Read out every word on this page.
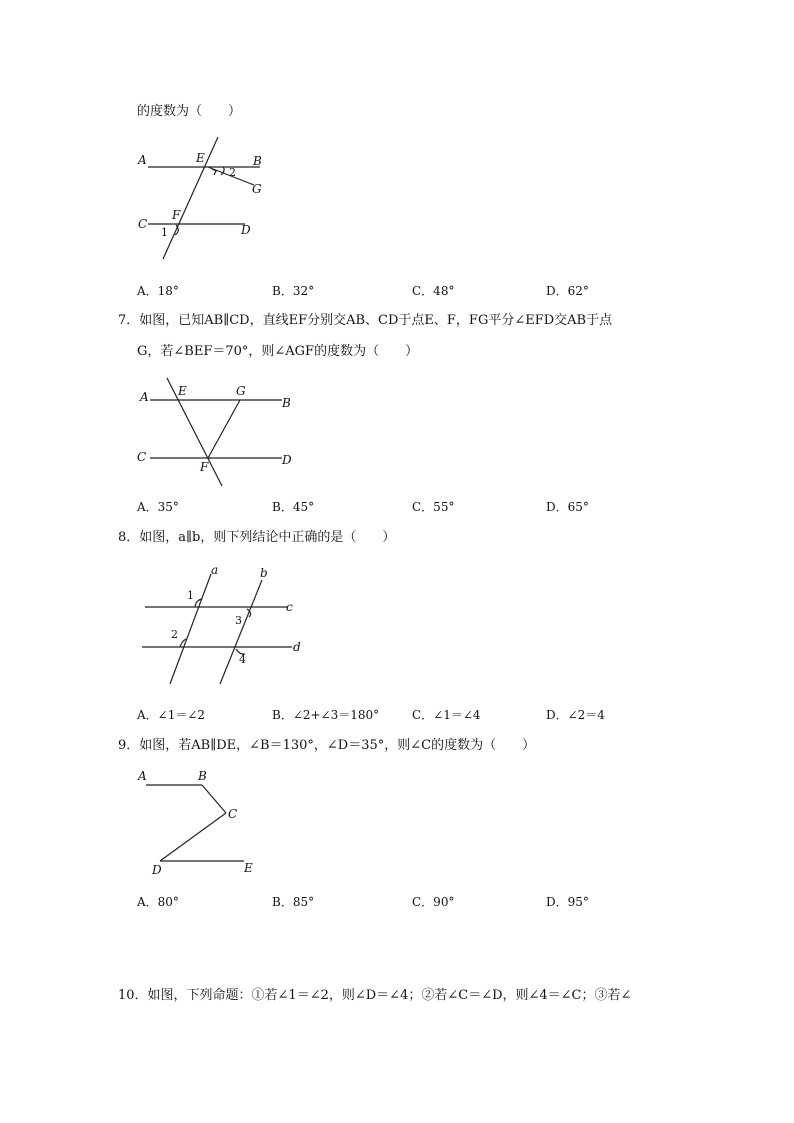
的度数为（　　）
A	E	B
2
G
C
F
D
1
A．18°	B．32°	C．48°	D．62°
7．如图，已知AB∥CD，直线EF分别交AB、CD于点E、F，FG平分∠EFD交AB于点
G，若∠BEF＝70°，则∠AGF的度数为（　　）
A E	G
B
C
F	D
A．35°	B．45°	C．55°	D．65°
8．如图，a∥b，则下列结论中正确的是（　　）
a	b
c
d
1
2
3
4
A．∠1＝∠2	B．∠2+∠3＝180°	C．∠1＝∠4	D．∠2＝4
9．如图，若AB∥DE，∠B＝130°，∠D＝35°，则∠C的度数为（　　）
A	B
C
D	E
A．80°	B．85°	C．90°	D．95°
10．如图，下列命题：①若∠1＝∠2，则∠D＝∠4；②若∠C＝∠D，则∠4＝∠C；③若∠
